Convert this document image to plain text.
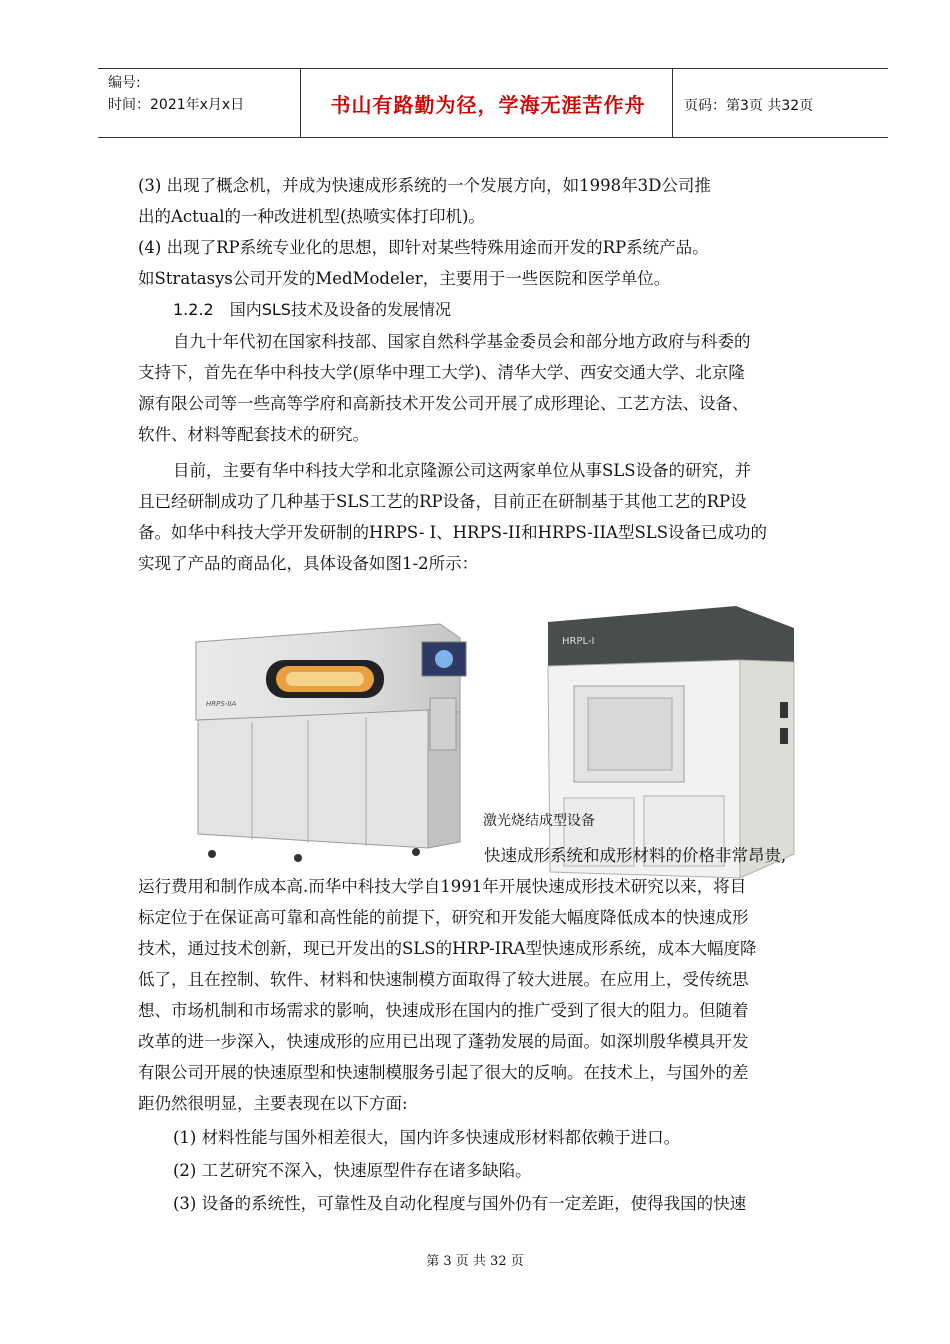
编号:
时间：2021年x月x日	书山有路勤为径，学海无涯苦作舟	页码：第3页 共32页
(3) 出现了概念机，并成为快速成形系统的一个发展方向，如1998年3D公司推
出的Actual的一种改进机型(热喷实体打印机)。
(4) 出现了RP系统专业化的思想，即针对某些特殊用途而开发的RP系统产品。
如Stratasys公司开发的MedModeler，主要用于一些医院和医学单位。
1.2.2　国内SLS技术及设备的发展情况
自九十年代初在国家科技部、国家自然科学基金委员会和部分地方政府与科委的
支持下，首先在华中科技大学(原华中理工大学)、清华大学、西安交通大学、北京隆
源有限公司等一些高等学府和高新技术开发公司开展了成形理论、工艺方法、设备、
软件、材料等配套技术的研究。
目前，主要有华中科技大学和北京隆源公司这两家单位从事SLS设备的研究，并
且已经研制成功了几种基于SLS工艺的RP设备，目前正在研制基于其他工艺的RP设
备。如华中科技大学开发研制的HRPS- I、HRPS-II和HRPS-IIA型SLS设备已成功的
实现了产品的商品化，具体设备如图1-2所示：
HRPS-IIA
HRPL-I
激光烧结成型设备
快速成形系统和成形材料的价格非常昂贵,
运行费用和制作成本高.而华中科技大学自1991年开展快速成形技术研究以来，将目
标定位于在保证高可靠和高性能的前提下，研究和开发能大幅度降低成本的快速成形
技术，通过技术创新，现已开发出的SLS的HRP-IRA型快速成形系统，成本大幅度降
低了，且在控制、软件、材料和快速制模方面取得了较大进展。在应用上，受传统思
想、市场机制和市场需求的影响，快速成形在国内的推广受到了很大的阻力。但随着
改革的进一步深入，快速成形的应用已出现了蓬勃发展的局面。如深圳殷华模具开发
有限公司开展的快速原型和快速制模服务引起了很大的反响。在技术上，与国外的差
距仍然很明显，主要表现在以下方面:
(1) 材料性能与国外相差很大，国内许多快速成形材料都依赖于进口。
(2) 工艺研究不深入，快速原型件存在诸多缺陷。
(3) 设备的系统性，可靠性及自动化程度与国外仍有一定差距，使得我国的快速
第 3 页 共 32 页
